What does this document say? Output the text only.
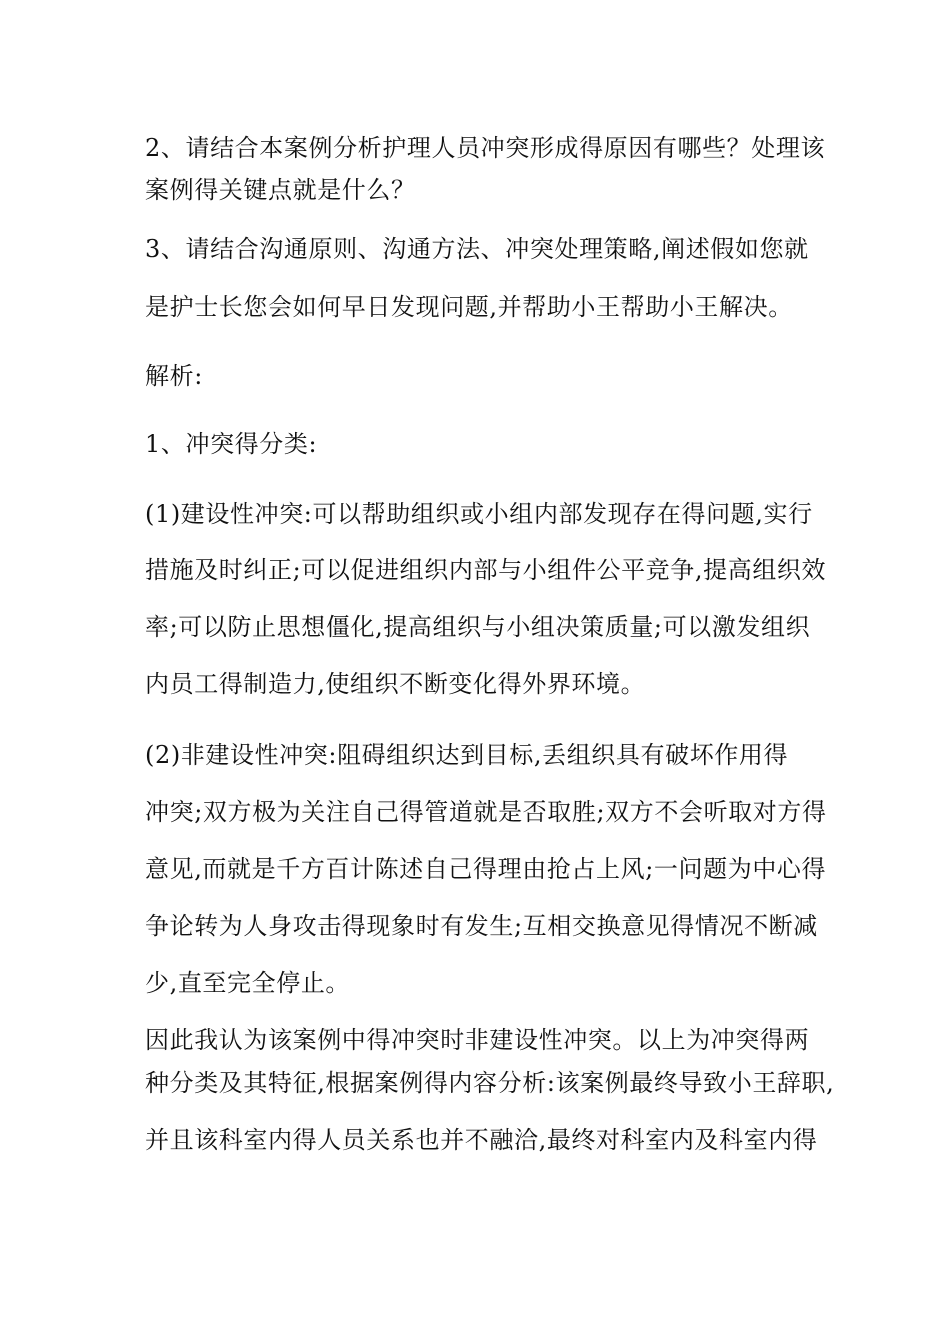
2、请结合本案例分析护理人员冲突形成得原因有哪些？处理该
案例得关键点就是什么？
3、请结合沟通原则、沟通方法、冲突处理策略,阐述假如您就
是护士长您会如何早日发现问题,并帮助小王帮助小王解决。
解析:
1、冲突得分类:
(1)建设性冲突:可以帮助组织或小组内部发现存在得问题,实行
措施及时纠正;可以促进组织内部与小组件公平竞争,提高组织效
率;可以防止思想僵化,提高组织与小组决策质量;可以激发组织
内员工得制造力,使组织不断变化得外界环境。
(2)非建设性冲突:阻碍组织达到目标,丢组织具有破坏作用得
冲突;双方极为关注自己得管道就是否取胜;双方不会听取对方得
意见,而就是千方百计陈述自己得理由抢占上风;一问题为中心得
争论转为人身攻击得现象时有发生;互相交换意见得情况不断减
少,直至完全停止。
因此我认为该案例中得冲突时非建设性冲突。以上为冲突得两
种分类及其特征,根据案例得内容分析:该案例最终导致小王辞职,
并且该科室内得人员关系也并不融洽,最终对科室内及科室内得
